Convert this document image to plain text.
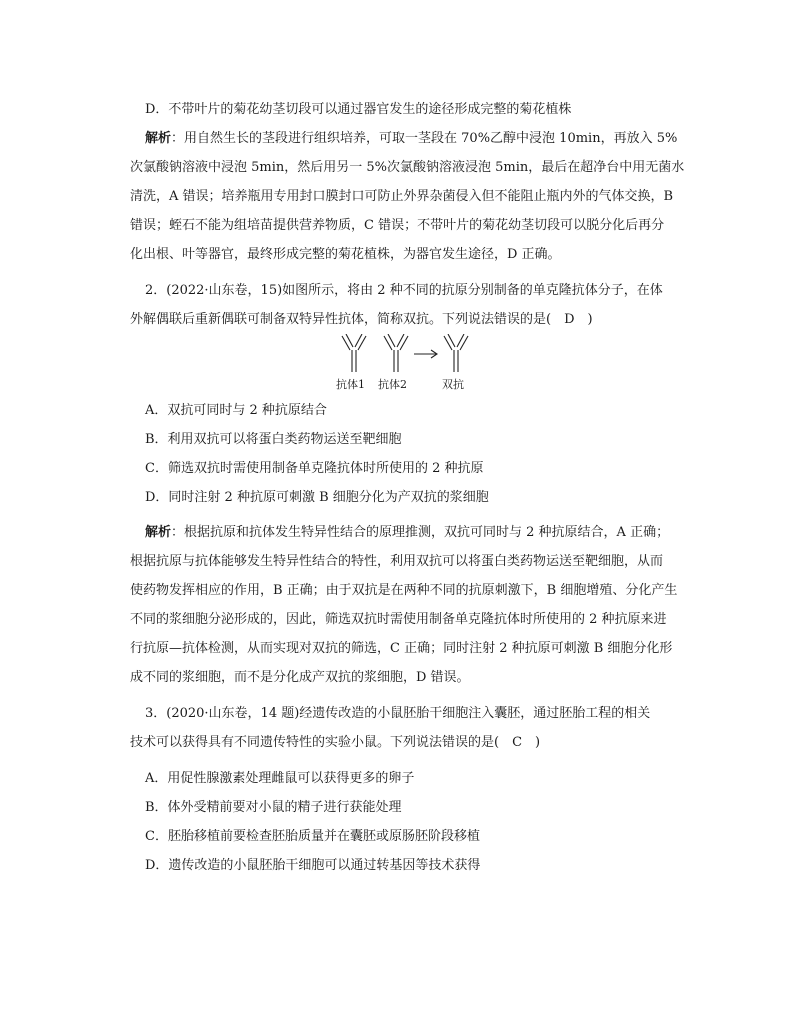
D．不带叶片的菊花幼茎切段可以通过器官发生的途径形成完整的菊花植株
解析：用自然生长的茎段进行组织培养，可取一茎段在 70%乙醇中浸泡 10min，再放入 5%
次氯酸钠溶液中浸泡 5min，然后用另一 5%次氯酸钠溶液浸泡 5min，最后在超净台中用无菌水
清洗，A 错误；培养瓶用专用封口膜封口可防止外界杂菌侵入但不能阻止瓶内外的气体交换，B
错误；蛭石不能为组培苗提供营养物质，C 错误；不带叶片的菊花幼茎切段可以脱分化后再分
化出根、叶等器官，最终形成完整的菊花植株，为器官发生途径，D 正确。
2．(2022·山东卷，15)如图所示，将由 2 种不同的抗原分别制备的单克隆抗体分子，在体
外解偶联后重新偶联可制备双特异性抗体，简称双抗。下列说法错误的是(　D　)
抗体1 抗体2	双抗
A．双抗可同时与 2 种抗原结合
B．利用双抗可以将蛋白类药物运送至靶细胞
C．筛选双抗时需使用制备单克隆抗体时所使用的 2 种抗原
D．同时注射 2 种抗原可刺激 B 细胞分化为产双抗的浆细胞
解析：根据抗原和抗体发生特异性结合的原理推测，双抗可同时与 2 种抗原结合，A 正确；
根据抗原与抗体能够发生特异性结合的特性，利用双抗可以将蛋白类药物运送至靶细胞，从而
使药物发挥相应的作用，B 正确；由于双抗是在两种不同的抗原刺激下，B 细胞增殖、分化产生
不同的浆细胞分泌形成的，因此，筛选双抗时需使用制备单克隆抗体时所使用的 2 种抗原来进
行抗原—抗体检测，从而实现对双抗的筛选，C 正确；同时注射 2 种抗原可刺激 B 细胞分化形
成不同的浆细胞，而不是分化成产双抗的浆细胞，D 错误。
3．(2020·山东卷，14 题)经遗传改造的小鼠胚胎干细胞注入囊胚，通过胚胎工程的相关
技术可以获得具有不同遗传特性的实验小鼠。下列说法错误的是(　C　)
A．用促性腺激素处理雌鼠可以获得更多的卵子
B．体外受精前要对小鼠的精子进行获能处理
C．胚胎移植前要检查胚胎质量并在囊胚或原肠胚阶段移植
D．遗传改造的小鼠胚胎干细胞可以通过转基因等技术获得
